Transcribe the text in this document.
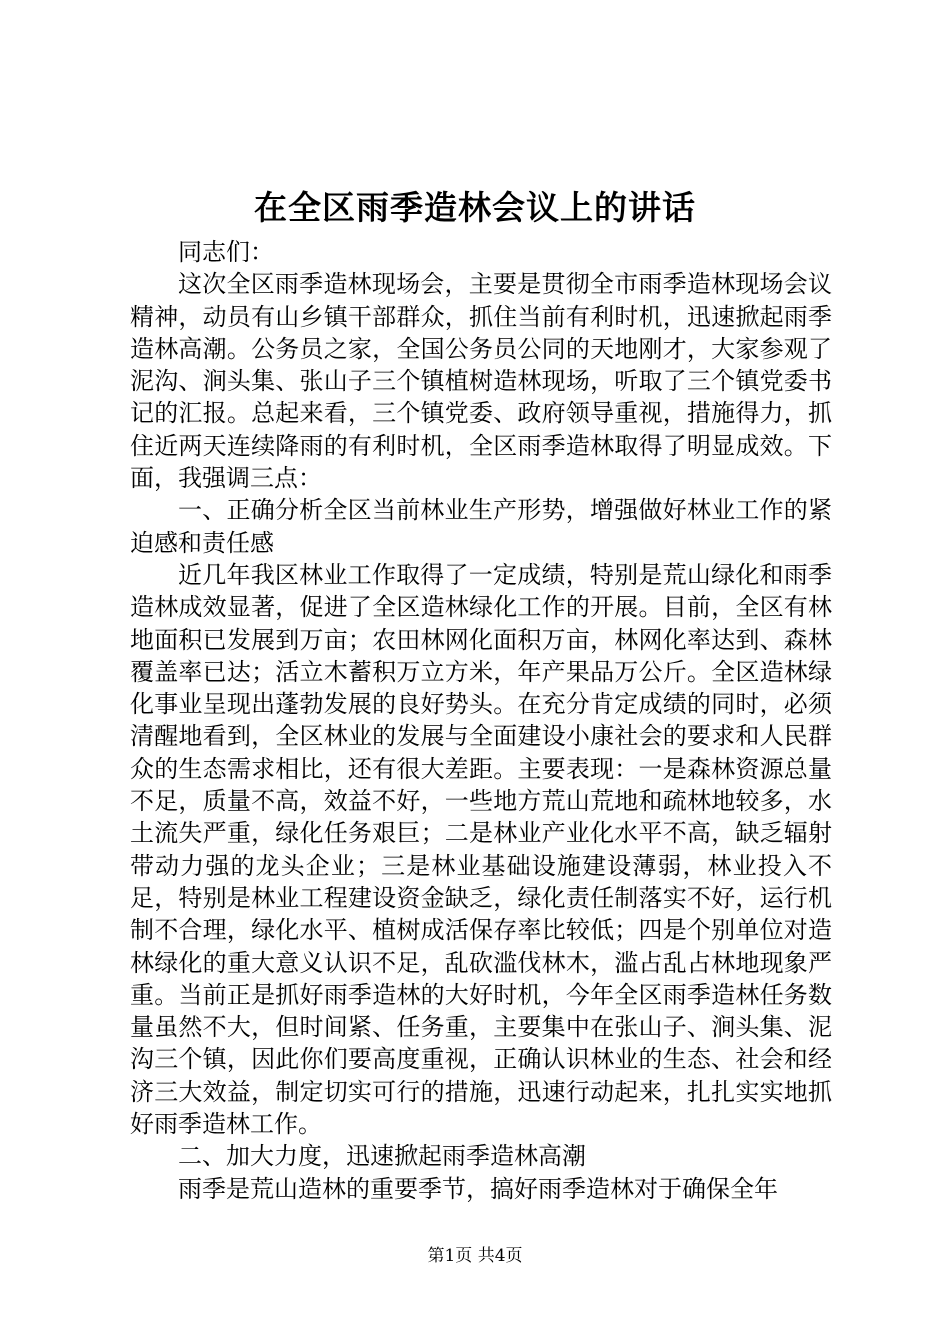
在全区雨季造林会议上的讲话

同志们：

这次全区雨季造林现场会，主要是贯彻全市雨季造林现场会议精神，动员有山乡镇干部群众，抓住当前有利时机，迅速掀起雨季造林高潮。公务员之家，全国公务员公同的天地刚才，大家参观了泥沟、涧头集、张山子三个镇植树造林现场，听取了三个镇党委书记的汇报。总起来看，三个镇党委、政府领导重视，措施得力，抓住近两天连续降雨的有利时机，全区雨季造林取得了明显成效。下面，我强调三点：

一、正确分析全区当前林业生产形势，增强做好林业工作的紧迫感和责任感

近几年我区林业工作取得了一定成绩，特别是荒山绿化和雨季造林成效显著，促进了全区造林绿化工作的开展。目前，全区有林地面积已发展到万亩；农田林网化面积万亩，林网化率达到、森林覆盖率已达；活立木蓄积万立方米，年产果品万公斤。全区造林绿化事业呈现出蓬勃发展的良好势头。在充分肯定成绩的同时，必须清醒地看到，全区林业的发展与全面建设小康社会的要求和人民群众的生态需求相比，还有很大差距。主要表现：一是森林资源总量不足，质量不高，效益不好，一些地方荒山荒地和疏林地较多，水土流失严重，绿化任务艰巨；二是林业产业化水平不高，缺乏辐射带动力强的龙头企业；三是林业基础设施建设薄弱，林业投入不足，特别是林业工程建设资金缺乏，绿化责任制落实不好，运行机制不合理，绿化水平、植树成活保存率比较低；四是个别单位对造林绿化的重大意义认识不足，乱砍滥伐林木，滥占乱占林地现象严重。当前正是抓好雨季造林的大好时机，今年全区雨季造林任务数量虽然不大，但时间紧、任务重，主要集中在张山子、涧头集、泥沟三个镇，因此你们要高度重视，正确认识林业的生态、社会和经济三大效益，制定切实可行的措施，迅速行动起来，扎扎实实地抓好雨季造林工作。

二、加大力度，迅速掀起雨季造林高潮

雨季是荒山造林的重要季节，搞好雨季造林对于确保全年

第1页 共4页
